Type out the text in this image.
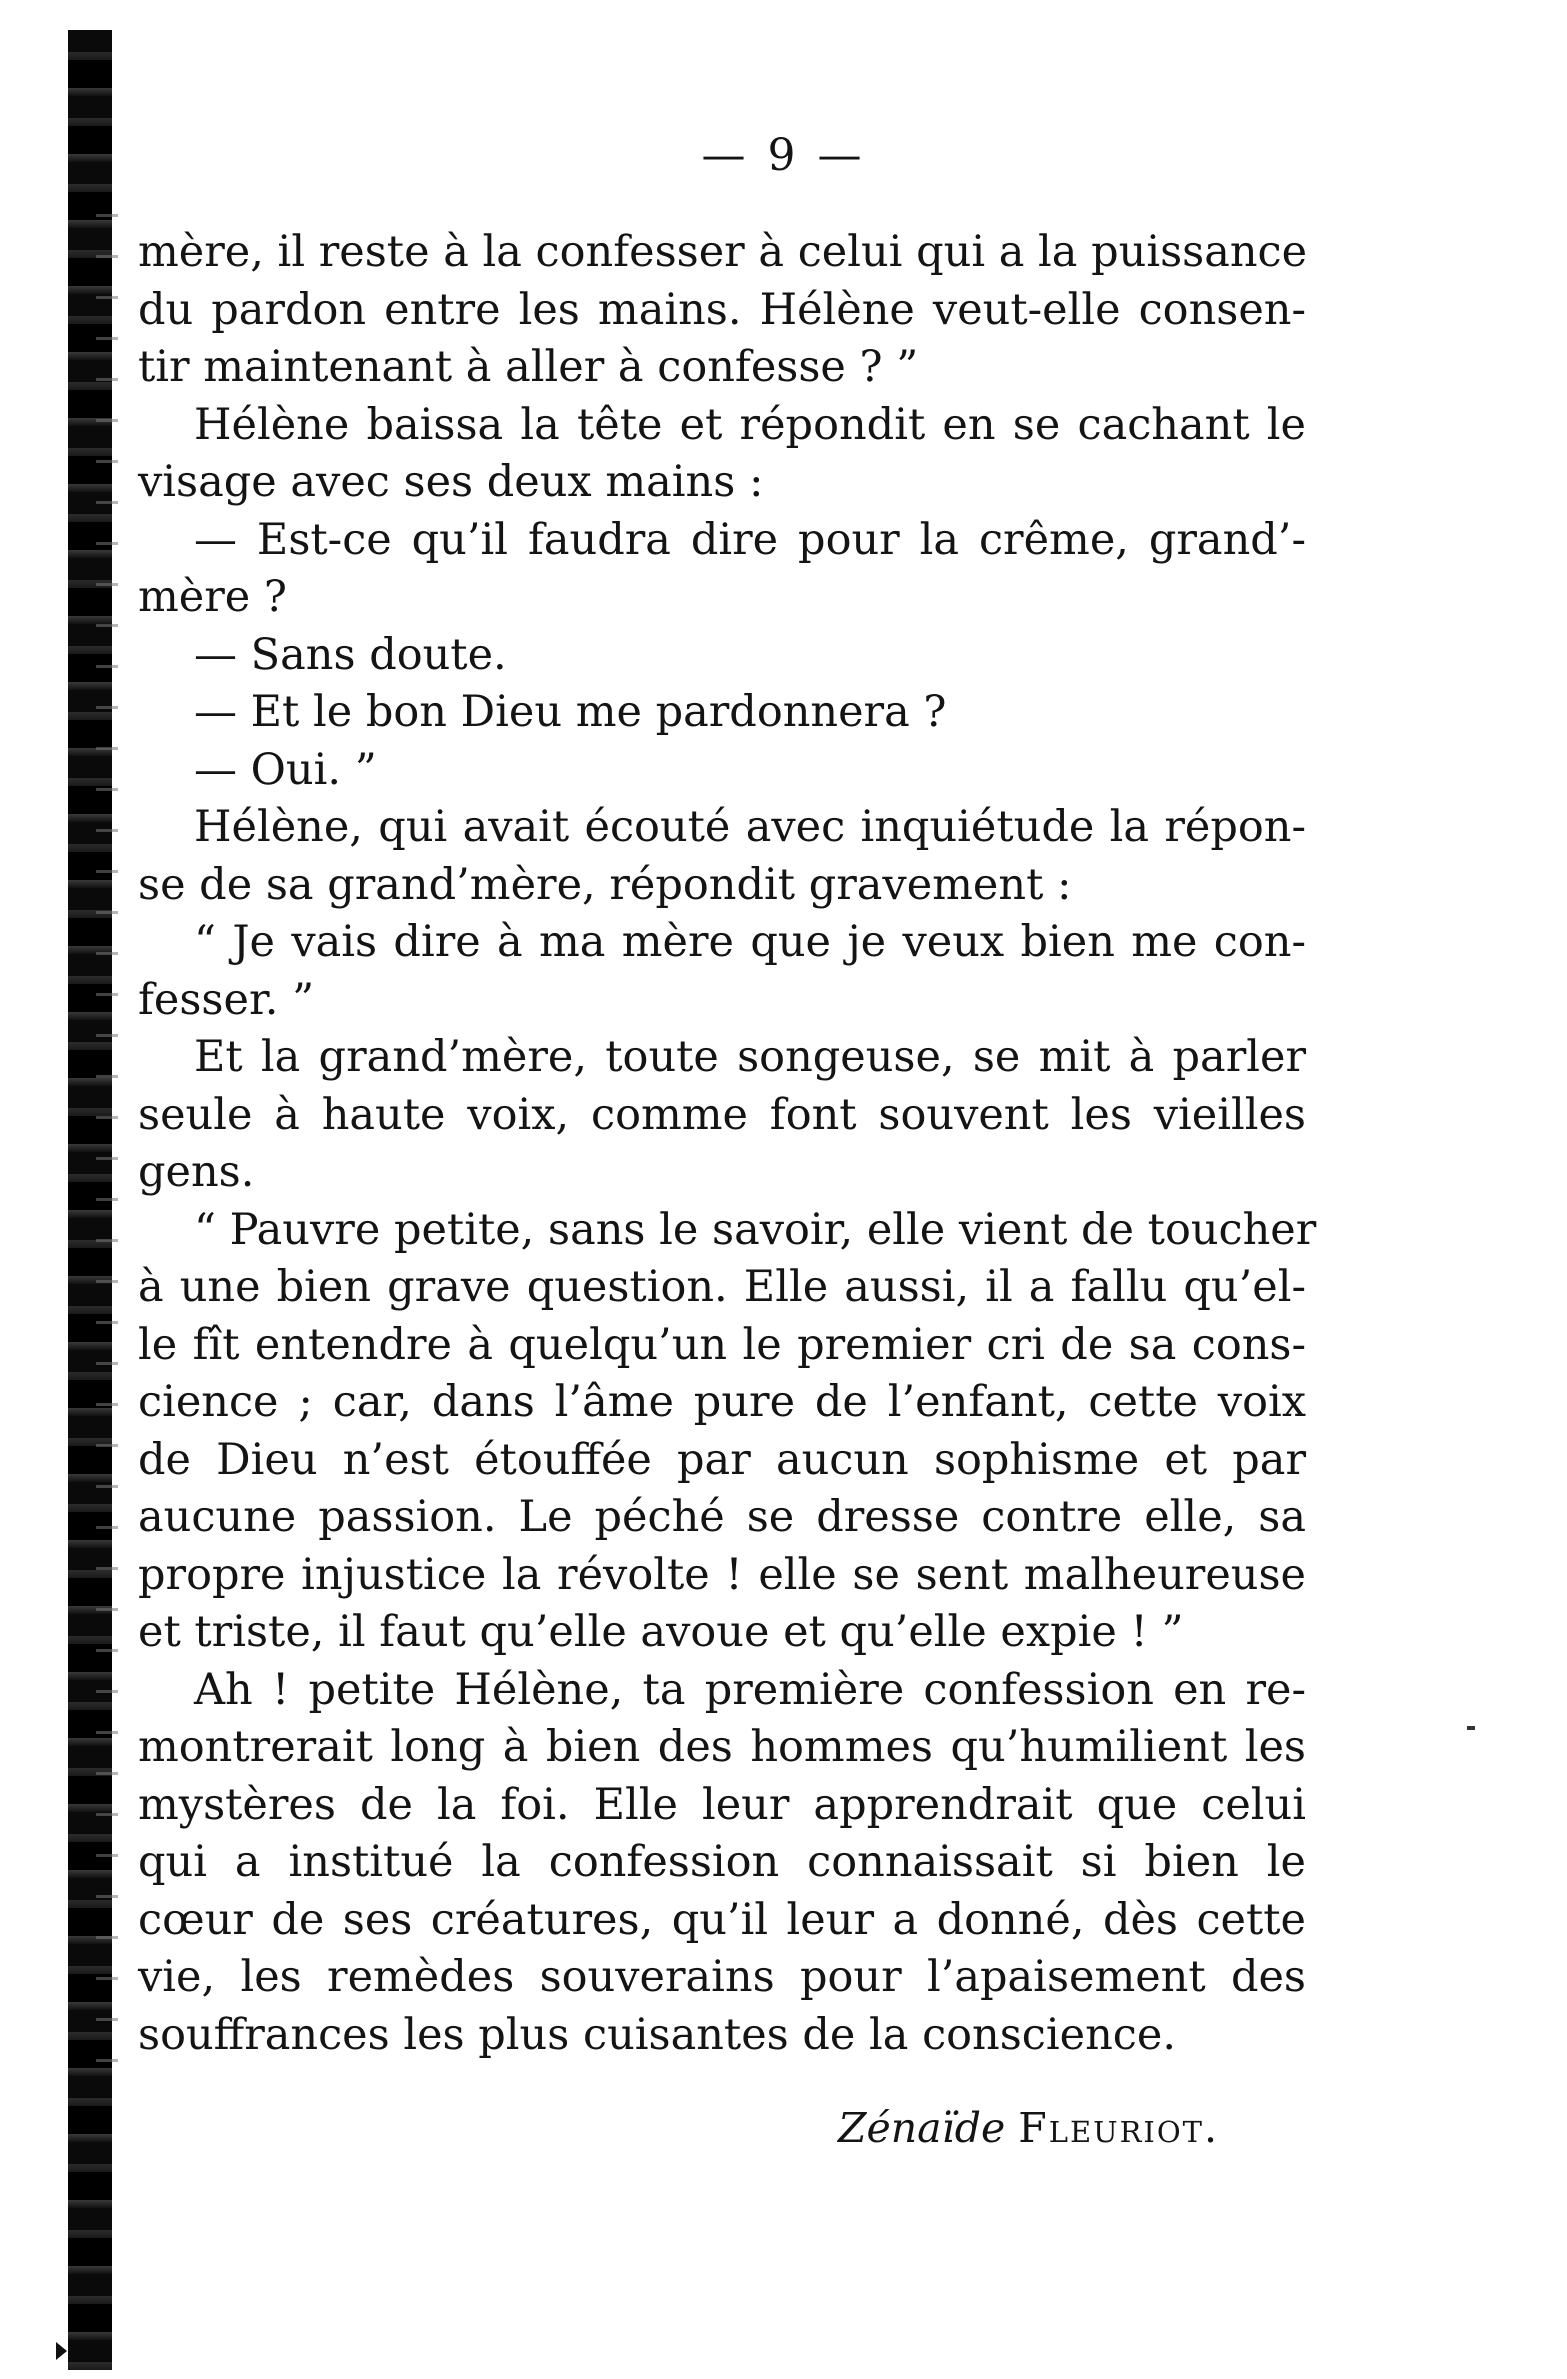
— 9 —
mère, il reste à la confesser à celui qui a la puissance
du pardon entre les mains. Hélène veut-elle consen-
tir maintenant à aller à confesse ? ”
Hélène baissa la tête et répondit en se cachant le
visage avec ses deux mains :
— Est-ce qu’il faudra dire pour la crême, grand’-
mère ?
— Sans doute.
— Et le bon Dieu me pardonnera ?
— Oui. ”
Hélène, qui avait écouté avec inquiétude la répon-
se de sa grand’mère, répondit gravement :
“ Je vais dire à ma mère que je veux bien me con-
fesser. ”
Et la grand’mère, toute songeuse, se mit à parler
seule à haute voix, comme font souvent les vieilles
gens.
“ Pauvre petite, sans le savoir, elle vient de toucher
à une bien grave question. Elle aussi, il a fallu qu’el-
le fît entendre à quelqu’un le premier cri de sa cons-
cience ; car, dans l’âme pure de l’enfant, cette voix
de Dieu n’est étouffée par aucun sophisme et par
aucune passion. Le péché se dresse contre elle, sa
propre injustice la révolte ! elle se sent malheureuse
et triste, il faut qu’elle avoue et qu’elle expie ! ”
Ah ! petite Hélène, ta première confession en re-
montrerait long à bien des hommes qu’humilient les
mystères de la foi. Elle leur apprendrait que celui
qui a institué la confession connaissait si bien le
cœur de ses créatures, qu’il leur a donné, dès cette
vie, les remèdes souverains pour l’apaisement des
souffrances les plus cuisantes de la conscience.
Zénaïde Fleuriot.
